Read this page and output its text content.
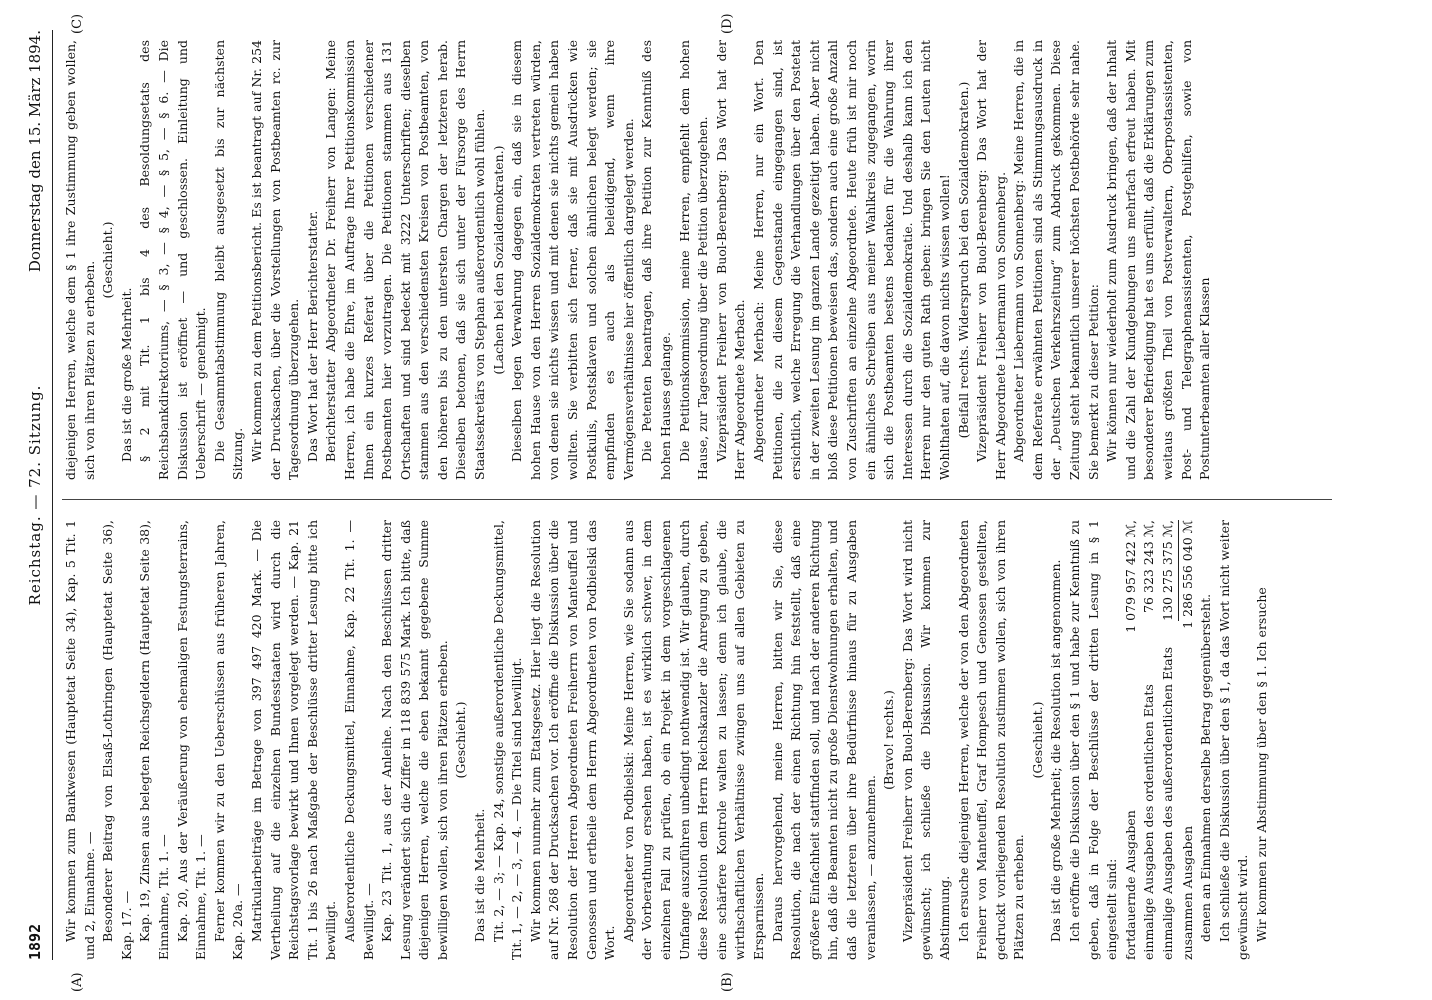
1892
Reichstag. — 72. Sitzung.
Donnerstag den 15. März 1894.
(A)	(B)
(C)	(D)

Wir kommen zum Bankwesen (Hauptetat Seite 34), Kap. 5 Tit. 1 und 2, Einnahme. — Besonderer Beitrag von Elsaß-Lothringen (Hauptetat Seite 36), Kap. 17. — Kap. 19, Zinsen aus belegten Reichsgeldern (Hauptetat Seite 38), Einnahme, Tit. 1. — Kap. 20, Aus der Veräußerung von ehemaligen Festungsterrains, Einnahme, Tit. 1. — Ferner kommen wir zu den Ueberschüssen aus früheren Jahren, Kap. 20a. — Matrikularbeiträge im Betrage von 397 497 420 Mark. — Die Vertheilung auf die einzelnen Bundesstaaten wird durch die Reichstagsvorlage bewirkt und Ihnen vorgelegt werden. — Kap. 21 Tit. 1 bis 26 nach Maßgabe der Beschlüsse dritter Lesung bitte ich bewilligt. Außerordentliche Deckungsmittel, Einnahme, Kap. 22 Tit. 1. — Bewilligt. — Kap. 23 Tit. 1, aus der Anleihe. Nach den Beschlüssen dritter Lesung verändert sich die Ziffer in 118 839 575 Mark. Ich bitte, daß diejenigen Herren, welche die eben bekannt gegebene Summe bewilligen wollen, sich von ihren Plätzen erheben. (Geschieht.)

Das ist die Mehrheit. Tit. 2, — 3; — Kap. 24, sonstige außerordentliche Deckungsmittel, Tit. 1, — 2, — 3, — 4. — Die Titel sind bewilligt. Wir kommen nunmehr zum Etatsgesetz. Hier liegt die Resolution auf Nr. 268 der Drucksachen vor. Ich eröffne die Diskussion über die Resolution der Herren Abgeordneten Freiherrn von Manteuffel und Genossen und ertheile dem Herrn Abgeordneten von Podbielski das Wort.

Abgeordneter von Podbielski: Meine Herren, wie Sie sodann aus der Vorberathung ersehen haben, ist es wirklich schwer, in dem einzelnen Fall zu prüfen, ob ein Projekt in dem vorgeschlagenen Umfange auszuführen unbedingt nothwendig ist. Wir glauben, durch diese Resolution dem Herrn Reichskanzler die Anregung zu geben, eine schärfere Kontrole walten zu lassen; denn ich glaube, die wirthschaftlichen Verhältnisse zwingen uns auf allen Gebieten zu Ersparnissen. Daraus hervorgehend, meine Herren, bitten wir Sie, diese Resolution, die nach der einen Richtung hin feststellt, daß eine größere Einfachheit stattfinden soll, und nach der anderen Richtung hin, daß die Beamten nicht zu große Dienstwohnungen erhalten, und daß die letzteren über ihre Bedürfnisse hinaus für zu Ausgaben veranlassen, — anzunehmen.

(Bravo! rechts.) Vizepräsident Freiherr von Buol-Berenberg: Das Wort wird nicht gewünscht; ich schließe die Diskussion. Wir kommen zur Abstimmung. Ich ersuche diejenigen Herren, welche der von den Abgeordneten Freiherr von Manteuffel, Graf Hompesch und Genossen gestellten, gedruckt vorliegenden Resolution zustimmen wollen, sich von ihren Plätzen zu erheben.

(Geschieht.) Das ist die große Mehrheit; die Resolution ist angenommen. Ich eröffne die Diskussion über den § 1 und habe zur Kenntniß zu geben, daß in Folge der Beschlüsse der dritten Lesung in § 1 eingestellt sind: fortdauernde Ausgaben
1 079 957 422 ℳ,
einmalige Ausgaben des ordentlichen Etats
76 323 243 ℳ,
einmalige Ausgaben des außerordentlichen Etats
130 275 375 ℳ,
zusammen Ausgaben
1 286 556 040 ℳ

denen an Einnahmen derselbe Betrag gegenübersteht. Ich schließe die Diskussion über den § 1, da das Wort nicht weiter gewünscht wird. Wir kommen zur Abstimmung über den § 1. Ich ersuche

diejenigen Herren, welche dem § 1 ihre Zustimmung geben wollen, sich von ihren Plätzen zu erheben.

(Geschieht.)

Das ist die große Mehrheit. § 2 mit Tit. 1 bis 4 des Besoldungsetats des Reichsbankdirektoriums, — § 3, — § 4, — § 5, — § 6. — Die Diskussion ist eröffnet — und geschlossen. Einleitung und Ueberschrift — genehmigt. Die Gesammtabstimmung bleibt ausgesetzt bis zur nächsten Sitzung. Wir kommen zu dem Petitionsbericht. Es ist beantragt auf Nr. 254 der Drucksachen, über die Vorstellungen von Postbeamten rc. zur Tagesordnung überzugehen. Das Wort hat der Herr Berichterstatter. Berichterstatter Abgeordneter Dr. Freiherr von Langen: Meine Herren, ich habe die Ehre, im Auftrage Ihrer Petitionskommission Ihnen ein kurzes Referat über die Petitionen verschiedener Postbeamten hier vorzutragen. Die Petitionen stammen aus 131 Ortschaften und sind bedeckt mit 3222 Unterschriften; dieselben stammen aus den verschiedensten Kreisen von Postbeamten, von den höheren bis zu den untersten Chargen der letzteren herab. Dieselben betonen, daß sie sich unter der Fürsorge des Herrn Staatssekretärs von Stephan außerordentlich wohl fühlen. (Lachen bei den Sozialdemokraten.) Dieselben legen Verwahrung dagegen ein, daß sie in diesem hohen Hause von den Herren Sozialdemokraten vertreten würden, von denen sie nichts wissen und mit denen sie nichts gemein haben wollten. Sie verbitten sich ferner, daß sie mit Ausdrücken wie Postkulis, Postsklaven und solchen ähnlichen belegt werden; sie empfinden es auch als beleidigend, wenn ihre Vermögensverhältnisse hier öffentlich dargelegt werden. Die Petenten beantragen, daß ihre Petition zur Kenntniß des hohen Hauses gelange. Die Petitionskommission, meine Herren, empfiehlt dem hohen Hause, zur Tagesordnung über die Petition überzugehen. Vizepräsident Freiherr von Buol-Berenberg: Das Wort hat der Herr Abgeordnete Merbach. Abgeordneter Merbach: Meine Herren, nur ein Wort. Den Petitionen, die zu diesem Gegenstande eingegangen sind, ist ersichtlich, welche Erregung die Verhandlungen über den Postetat in der zweiten Lesung im ganzen Lande gezeitigt haben. Aber nicht bloß diese Petitionen beweisen das, sondern auch eine große Anzahl von Zuschriften an einzelne Abgeordnete. Heute früh ist mir noch ein ähnliches Schreiben aus meiner Wahlkreis zugegangen, worin sich die Postbeamten bestens bedanken für die Wahrung ihrer Interessen durch die Sozialdemokratie. Und deshalb kann ich den Herren nur den guten Rath geben: bringen Sie den Leuten nicht Wohlthaten auf, die davon nichts wissen wollen! (Beifall rechts. Widerspruch bei den Sozialdemokraten.) Vizepräsident Freiherr von Buol-Berenberg: Das Wort hat der Herr Abgeordnete Liebermann von Sonnenberg. Abgeordneter Liebermann von Sonnenberg: Meine Herren, die in dem Referate erwähnten Petitionen sind als Stimmungsausdruck in der „Deutschen Verkehrszeitung“ zum Abdruck gekommen. Diese Zeitung steht bekanntlich unserer höchsten Postbehörde sehr nahe. Sie bemerkt zu dieser Petition: Wir können nur wiederholt zum Ausdruck bringen, daß der Inhalt und die Zahl der Kundgebungen uns mehrfach erfreut haben. Mit besonderer Befriedigung hat es uns erfüllt, daß die Erklärungen zum weitaus größten Theil von Postverwaltern, Oberpostassistenten, Post- und Telegraphenassistenten, Postgehilfen, sowie von Postunterbeamten aller Klassen
